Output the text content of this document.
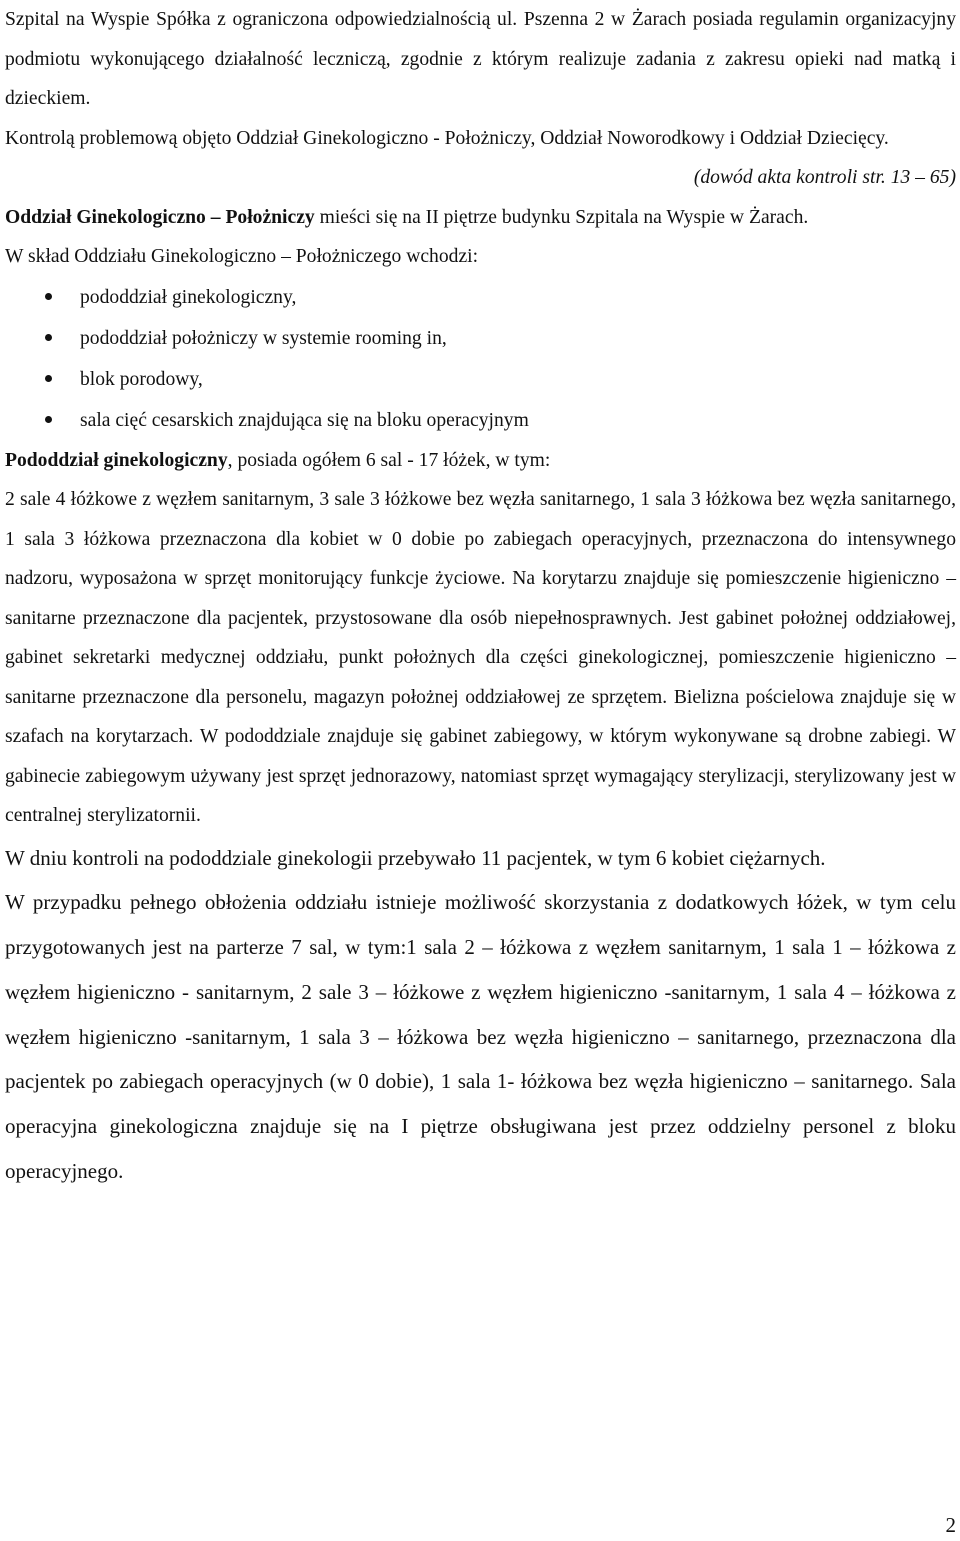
Szpital na Wyspie Spółka z ograniczona odpowiedzialnością ul. Pszenna 2 w Żarach posiada regulamin organizacyjny podmiotu wykonującego działalność leczniczą, zgodnie z którym realizuje zadania z zakresu opieki nad matką i dzieckiem.

Kontrolą problemową objęto Oddział Ginekologiczno - Położniczy, Oddział Noworodkowy i Oddział Dziecięcy.

(dowód akta kontroli str. 13 – 65)

Oddział Ginekologiczno – Położniczy mieści się na II piętrze budynku Szpitala na Wyspie w Żarach.

W skład Oddziału Ginekologiczno – Położniczego wchodzi:

pododdział ginekologiczny,
pododdział położniczy w systemie rooming in,
blok porodowy,
sala cięć cesarskich znajdująca się na bloku operacyjnym

Pododdział ginekologiczny, posiada ogółem 6 sal - 17 łóżek, w tym:

2 sale 4 łóżkowe z węzłem sanitarnym, 3 sale 3 łóżkowe bez węzła sanitarnego, 1 sala 3 łóżkowa bez węzła sanitarnego, 1 sala 3 łóżkowa przeznaczona dla kobiet w 0 dobie po zabiegach operacyjnych, przeznaczona do intensywnego nadzoru, wyposażona w sprzęt monitorujący funkcje życiowe. Na korytarzu znajduje się pomieszczenie higieniczno – sanitarne przeznaczone dla pacjentek, przystosowane dla osób niepełnosprawnych. Jest gabinet położnej oddziałowej, gabinet sekretarki medycznej oddziału, punkt położnych dla części ginekologicznej, pomieszczenie higieniczno – sanitarne przeznaczone dla personelu, magazyn położnej oddziałowej ze sprzętem. Bielizna pościelowa znajduje się w szafach na korytarzach. W pododdziale znajduje się gabinet zabiegowy, w którym wykonywane są drobne zabiegi. W gabinecie zabiegowym używany jest sprzęt jednorazowy, natomiast sprzęt wymagający sterylizacji, sterylizowany jest w centralnej sterylizatornii.

W dniu kontroli na pododdziale ginekologii przebywało 11 pacjentek, w tym 6 kobiet ciężarnych.

W przypadku pełnego obłożenia oddziału istnieje możliwość skorzystania z dodatkowych łóżek, w tym celu przygotowanych jest na parterze 7 sal, w tym:1 sala 2 – łóżkowa z węzłem sanitarnym, 1 sala 1 – łóżkowa z węzłem higieniczno - sanitarnym, 2 sale 3 – łóżkowe z węzłem higieniczno -sanitarnym, 1 sala 4 – łóżkowa z węzłem higieniczno -sanitarnym, 1 sala 3 – łóżkowa bez węzła higieniczno – sanitarnego, przeznaczona dla pacjentek po zabiegach operacyjnych (w 0 dobie), 1 sala 1- łóżkowa bez węzła higieniczno – sanitarnego. Sala operacyjna ginekologiczna znajduje się na I piętrze obsługiwana jest przez oddzielny personel z bloku operacyjnego.

2
